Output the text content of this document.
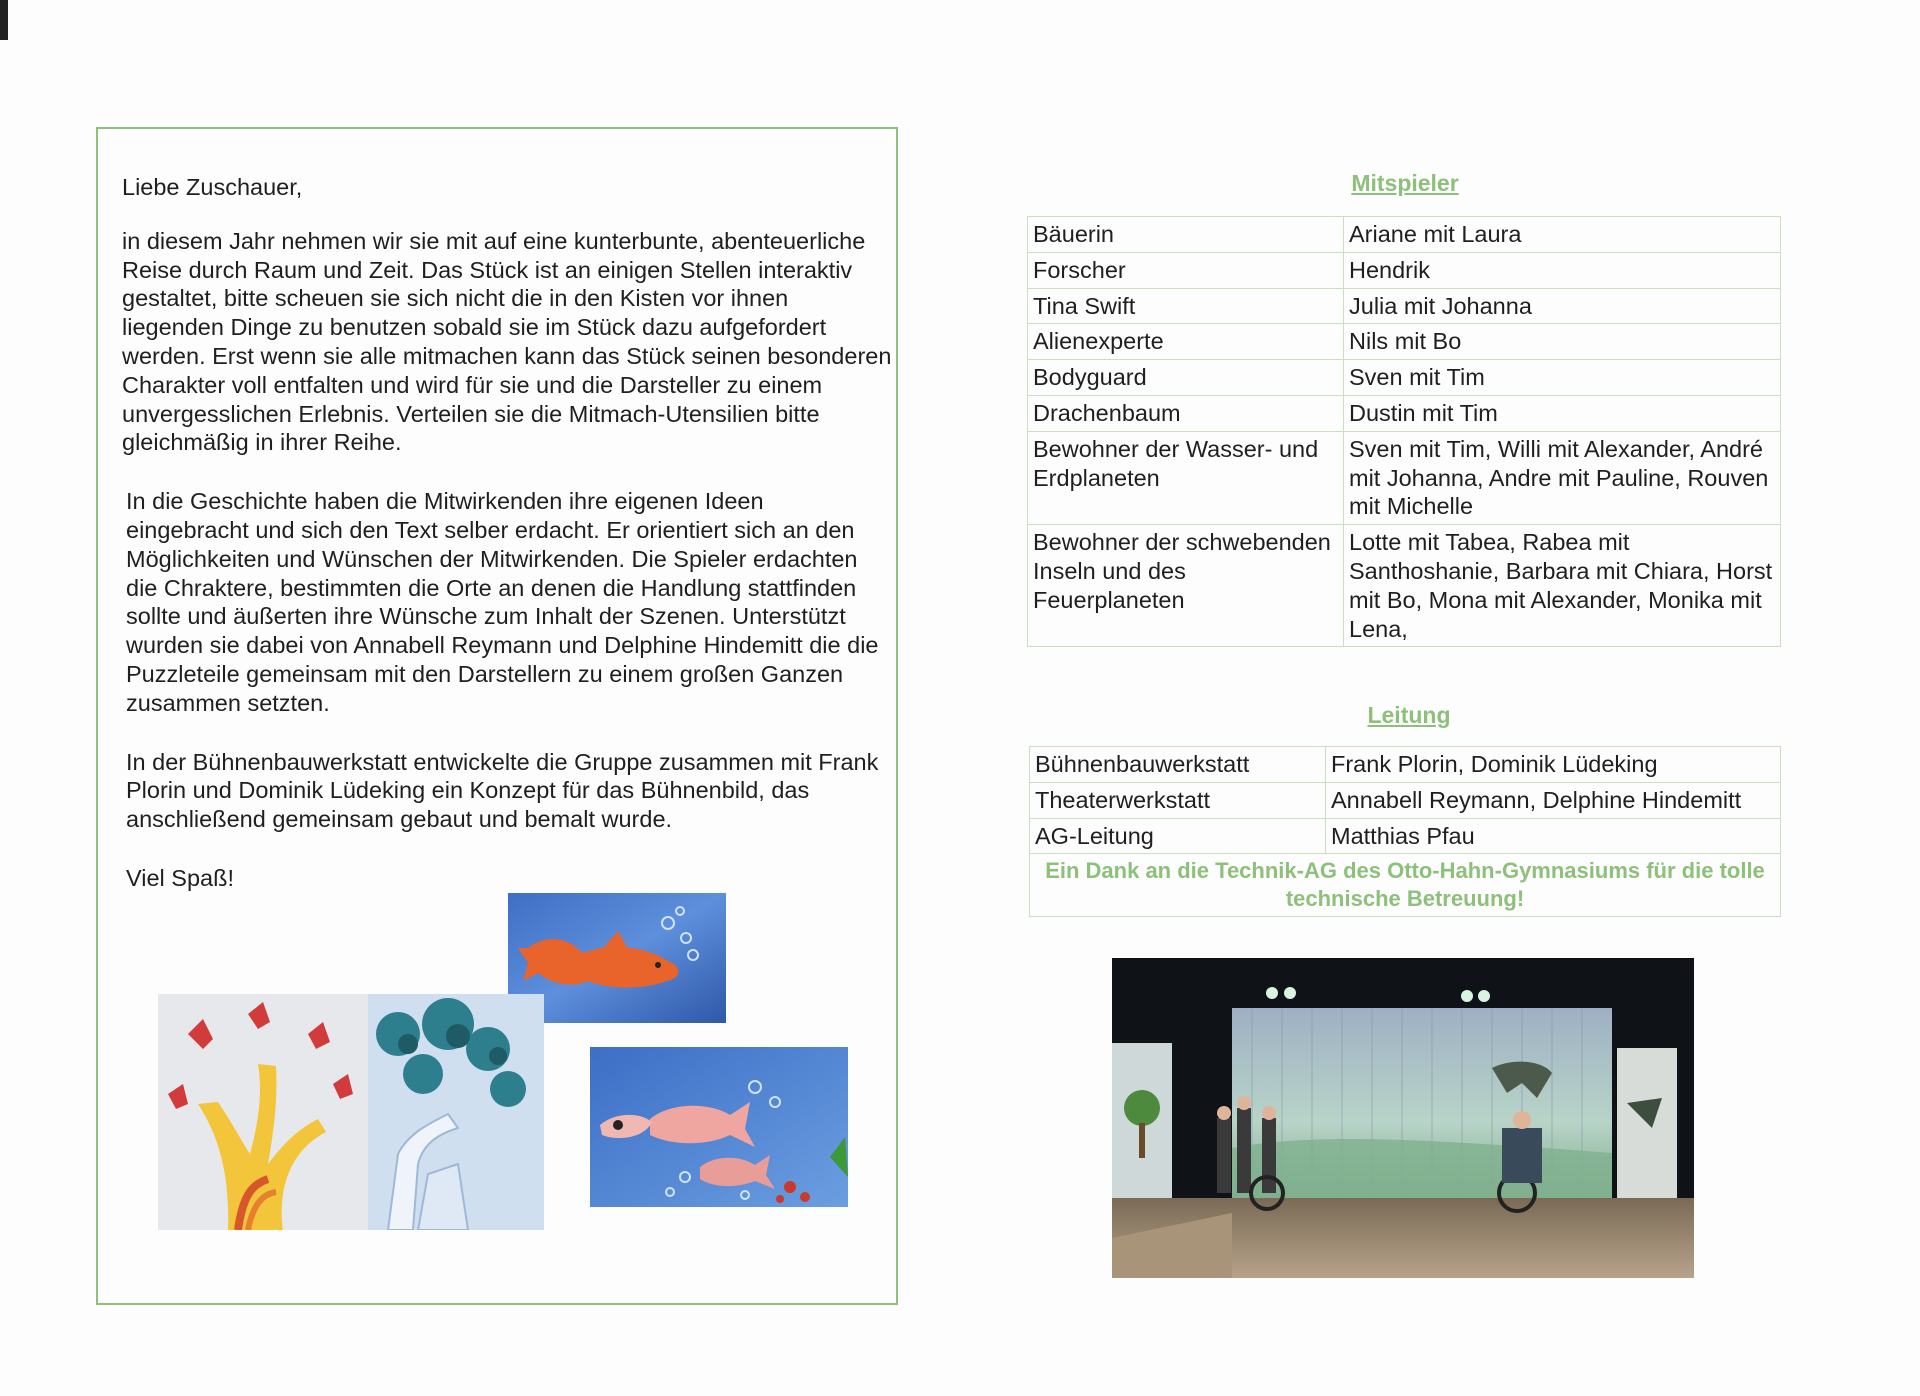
Liebe Zuschauer,

in diesem Jahr nehmen wir sie mit auf eine kunterbunte, abenteuerliche Reise durch Raum und Zeit. Das Stück ist an einigen Stellen interaktiv gestaltet, bitte scheuen sie sich nicht die in den Kisten vor ihnen liegenden Dinge zu benutzen sobald sie im Stück dazu aufgefordert werden. Erst wenn sie alle mitmachen kann das Stück seinen besonderen Charakter voll entfalten und wird für sie und die Darsteller zu einem unvergesslichen Erlebnis. Verteilen sie die Mitmach-Utensilien bitte gleichmäßig in ihrer Reihe.

In die Geschichte haben die Mitwirkenden ihre eigenen Ideen eingebracht und sich den Text selber erdacht. Er orientiert sich an den Möglichkeiten und Wünschen der Mitwirkenden. Die Spieler erdachten die Chraktere, bestimmten die Orte an denen die Handlung stattfinden sollte und äußerten ihre Wünsche zum Inhalt der Szenen. Unterstützt wurden sie dabei von Annabell Reymann und Delphine Hindemitt die die Puzzleteile gemeinsam mit den Darstellern zu einem großen Ganzen zusammen setzten.

In der Bühnenbauwerkstatt entwickelte die Gruppe zusammen mit Frank Plorin und Dominik Lüdeking ein Konzept für das Bühnenbild, das anschließend gemeinsam gebaut und bemalt wurde.

Viel Spaß!

Mitspieler
Bäuerin	Ariane mit Laura
Forscher	Hendrik
Tina Swift	Julia mit Johanna
Alienexperte	Nils mit Bo
Bodyguard	Sven mit Tim
Drachenbaum	Dustin mit Tim
Bewohner der Wasser- und Erdplaneten	Sven mit Tim, Willi mit Alexander, André mit Johanna, Andre mit Pauline, Rouven mit Michelle
Bewohner der schwebenden Inseln und des Feuerplaneten	Lotte mit Tabea, Rabea mit Santhoshanie, Barbara mit Chiara, Horst mit Bo, Mona mit Alexander, Monika mit Lena,
Leitung
Bühnenbauwerkstatt	Frank Plorin, Dominik Lüdeking
Theaterwerkstatt	Annabell Reymann, Delphine Hindemitt
AG-Leitung	Matthias Pfau
Ein Dank an die Technik-AG des Otto-Hahn-Gymnasiums für die tolle technische Betreuung!	
